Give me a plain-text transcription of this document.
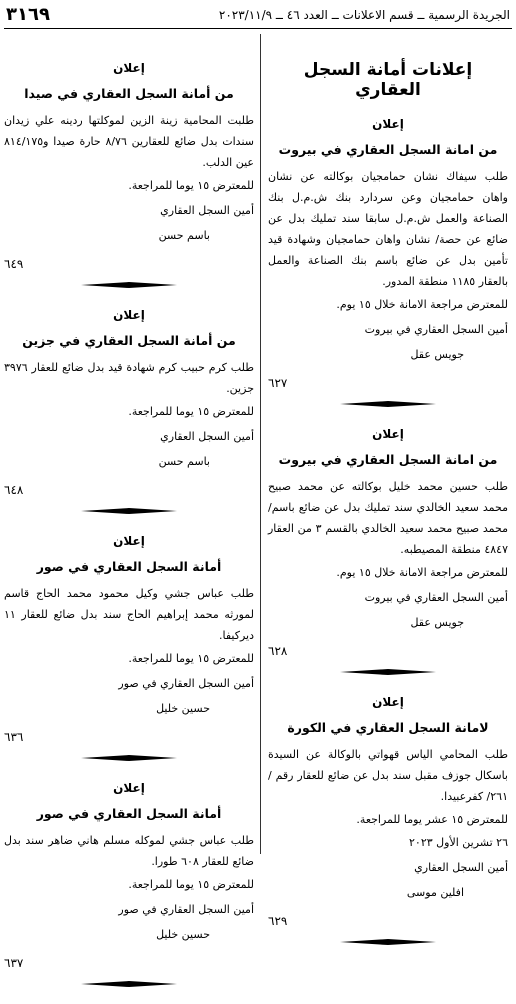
٣١٦٩	الجريدة الرسمية ــ قسم الاعلانات ــ العدد ٤٦ ــ ٢٠٢٣/١١/٩
إعلانات أمانة السجل العقاري
إعلان
من امانة السجل العقاري في بيروت
طلب سيفاك نشان حمامجيان بوكالته عن نشان واهان حمامجيان وعن سردارد بنك ش.م.ل بنك الصناعة والعمل ش.م.ل سابقا سند تمليك بدل عن ضائع عن حصة/ نشان واهان حمامجيان وشهادة قيد تأمين بدل عن ضائع باسم بنك الصناعة والعمل بالعقار ١١٨٥ منطقة المدور.
للمعترض مراجعة الامانة خلال ١٥ يوم.
أمين السجل العقاري في بيروت
جويس عقل
٦٢٧
إعلان
من امانة السجل العقاري في بيروت
طلب حسين محمد خليل بوكالته عن محمد صبيح محمد سعيد الخالدي سند تمليك بدل عن ضائع باسم/ محمد صبيح محمد سعيد الخالدي بالقسم ٣ من العقار ٤٨٤٧ منطقة المصيطبه.
للمعترض مراجعة الامانة خلال ١٥ يوم.
أمين السجل العقاري في بيروت
جويس عقل
٦٢٨
إعلان
لامانة السجل العقاري في الكورة
طلب المحامي الياس قهواتي بالوكالة عن السيدة باسكال جوزف مقبل سند بدل عن ضائع للعقار رقم /٢٦١/ كفرعبيدا.
للمعترض ١٥ عشر يوما للمراجعة.
٢٦ تشرين الأول ٢٠٢٣
أمين السجل العقاري
افلين موسى
٦٢٩
إعلان
من أمانة السجل العقاري في صيدا
طلبت المحامية زينة الزين لموكلتها ردينه علي زيدان سندات بدل ضائع للعقارين ٨/٧٦ حارة صيدا و٨١٤/١٧٥ عين الدلب.
للمعترض ١٥ يوما للمراجعة.
أمين السجل العقاري
باسم حسن
٦٤٩
إعلان
من أمانة السجل العقاري في جزين
طلب كرم حبيب كرم شهادة قيد بدل ضائع للعقار ٣٩٧٦ جزين.
للمعترض ١٥ يوما للمراجعة.
أمين السجل العقاري
باسم حسن
٦٤٨
إعلان
أمانة السجل العقاري في صور
طلب عباس جشي وكيل محمود محمد الحاج قاسم لمورثه محمد إبراهيم الحاج سند بدل ضائع للعقار ١١ ديركيفا.
للمعترض ١٥ يوما للمراجعة.
أمين السجل العقاري في صور
حسين خليل
٦٣٦
إعلان
أمانة السجل العقاري في صور
طلب عباس جشي لموكله مسلم هاني ضاهر سند بدل ضائع للعقار ٦٠٨ طورا.
للمعترض ١٥ يوما للمراجعة.
أمين السجل العقاري في صور
حسين خليل
٦٣٧
